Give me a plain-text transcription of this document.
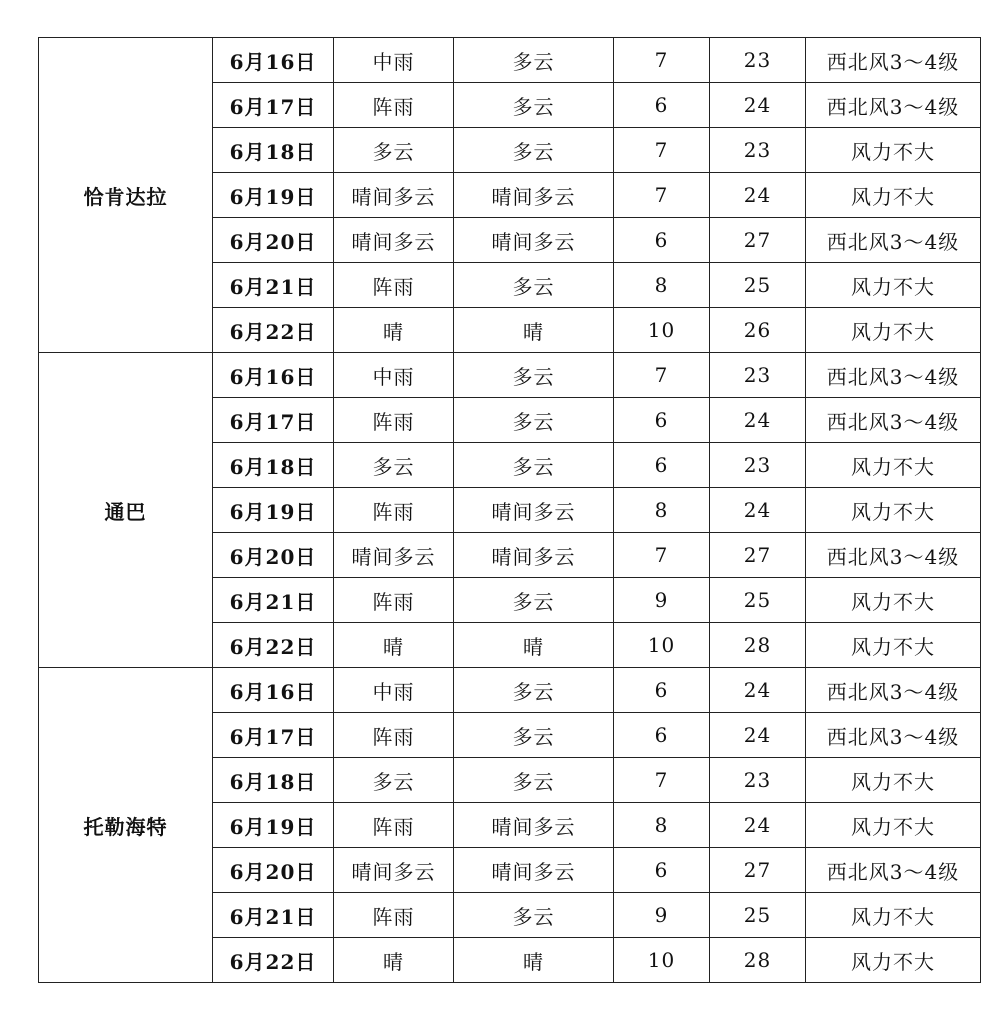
恰肯达拉	6月16日	中雨	多云	7	23	西北风3～4级
	6月17日	阵雨	多云	6	24	西北风3～4级
	6月18日	多云	多云	7	23	风力不大
	6月19日	晴间多云	晴间多云	7	24	风力不大
	6月20日	晴间多云	晴间多云	6	27	西北风3～4级
	6月21日	阵雨	多云	8	25	风力不大
	6月22日	晴	晴	10	26	风力不大
通巴	6月16日	中雨	多云	7	23	西北风3～4级
	6月17日	阵雨	多云	6	24	西北风3～4级
	6月18日	多云	多云	6	23	风力不大
	6月19日	阵雨	晴间多云	8	24	风力不大
	6月20日	晴间多云	晴间多云	7	27	西北风3～4级
	6月21日	阵雨	多云	9	25	风力不大
	6月22日	晴	晴	10	28	风力不大
托勒海特	6月16日	中雨	多云	6	24	西北风3～4级
	6月17日	阵雨	多云	6	24	西北风3～4级
	6月18日	多云	多云	7	23	风力不大
	6月19日	阵雨	晴间多云	8	24	风力不大
	6月20日	晴间多云	晴间多云	6	27	西北风3～4级
	6月21日	阵雨	多云	9	25	风力不大
	6月22日	晴	晴	10	28	风力不大
